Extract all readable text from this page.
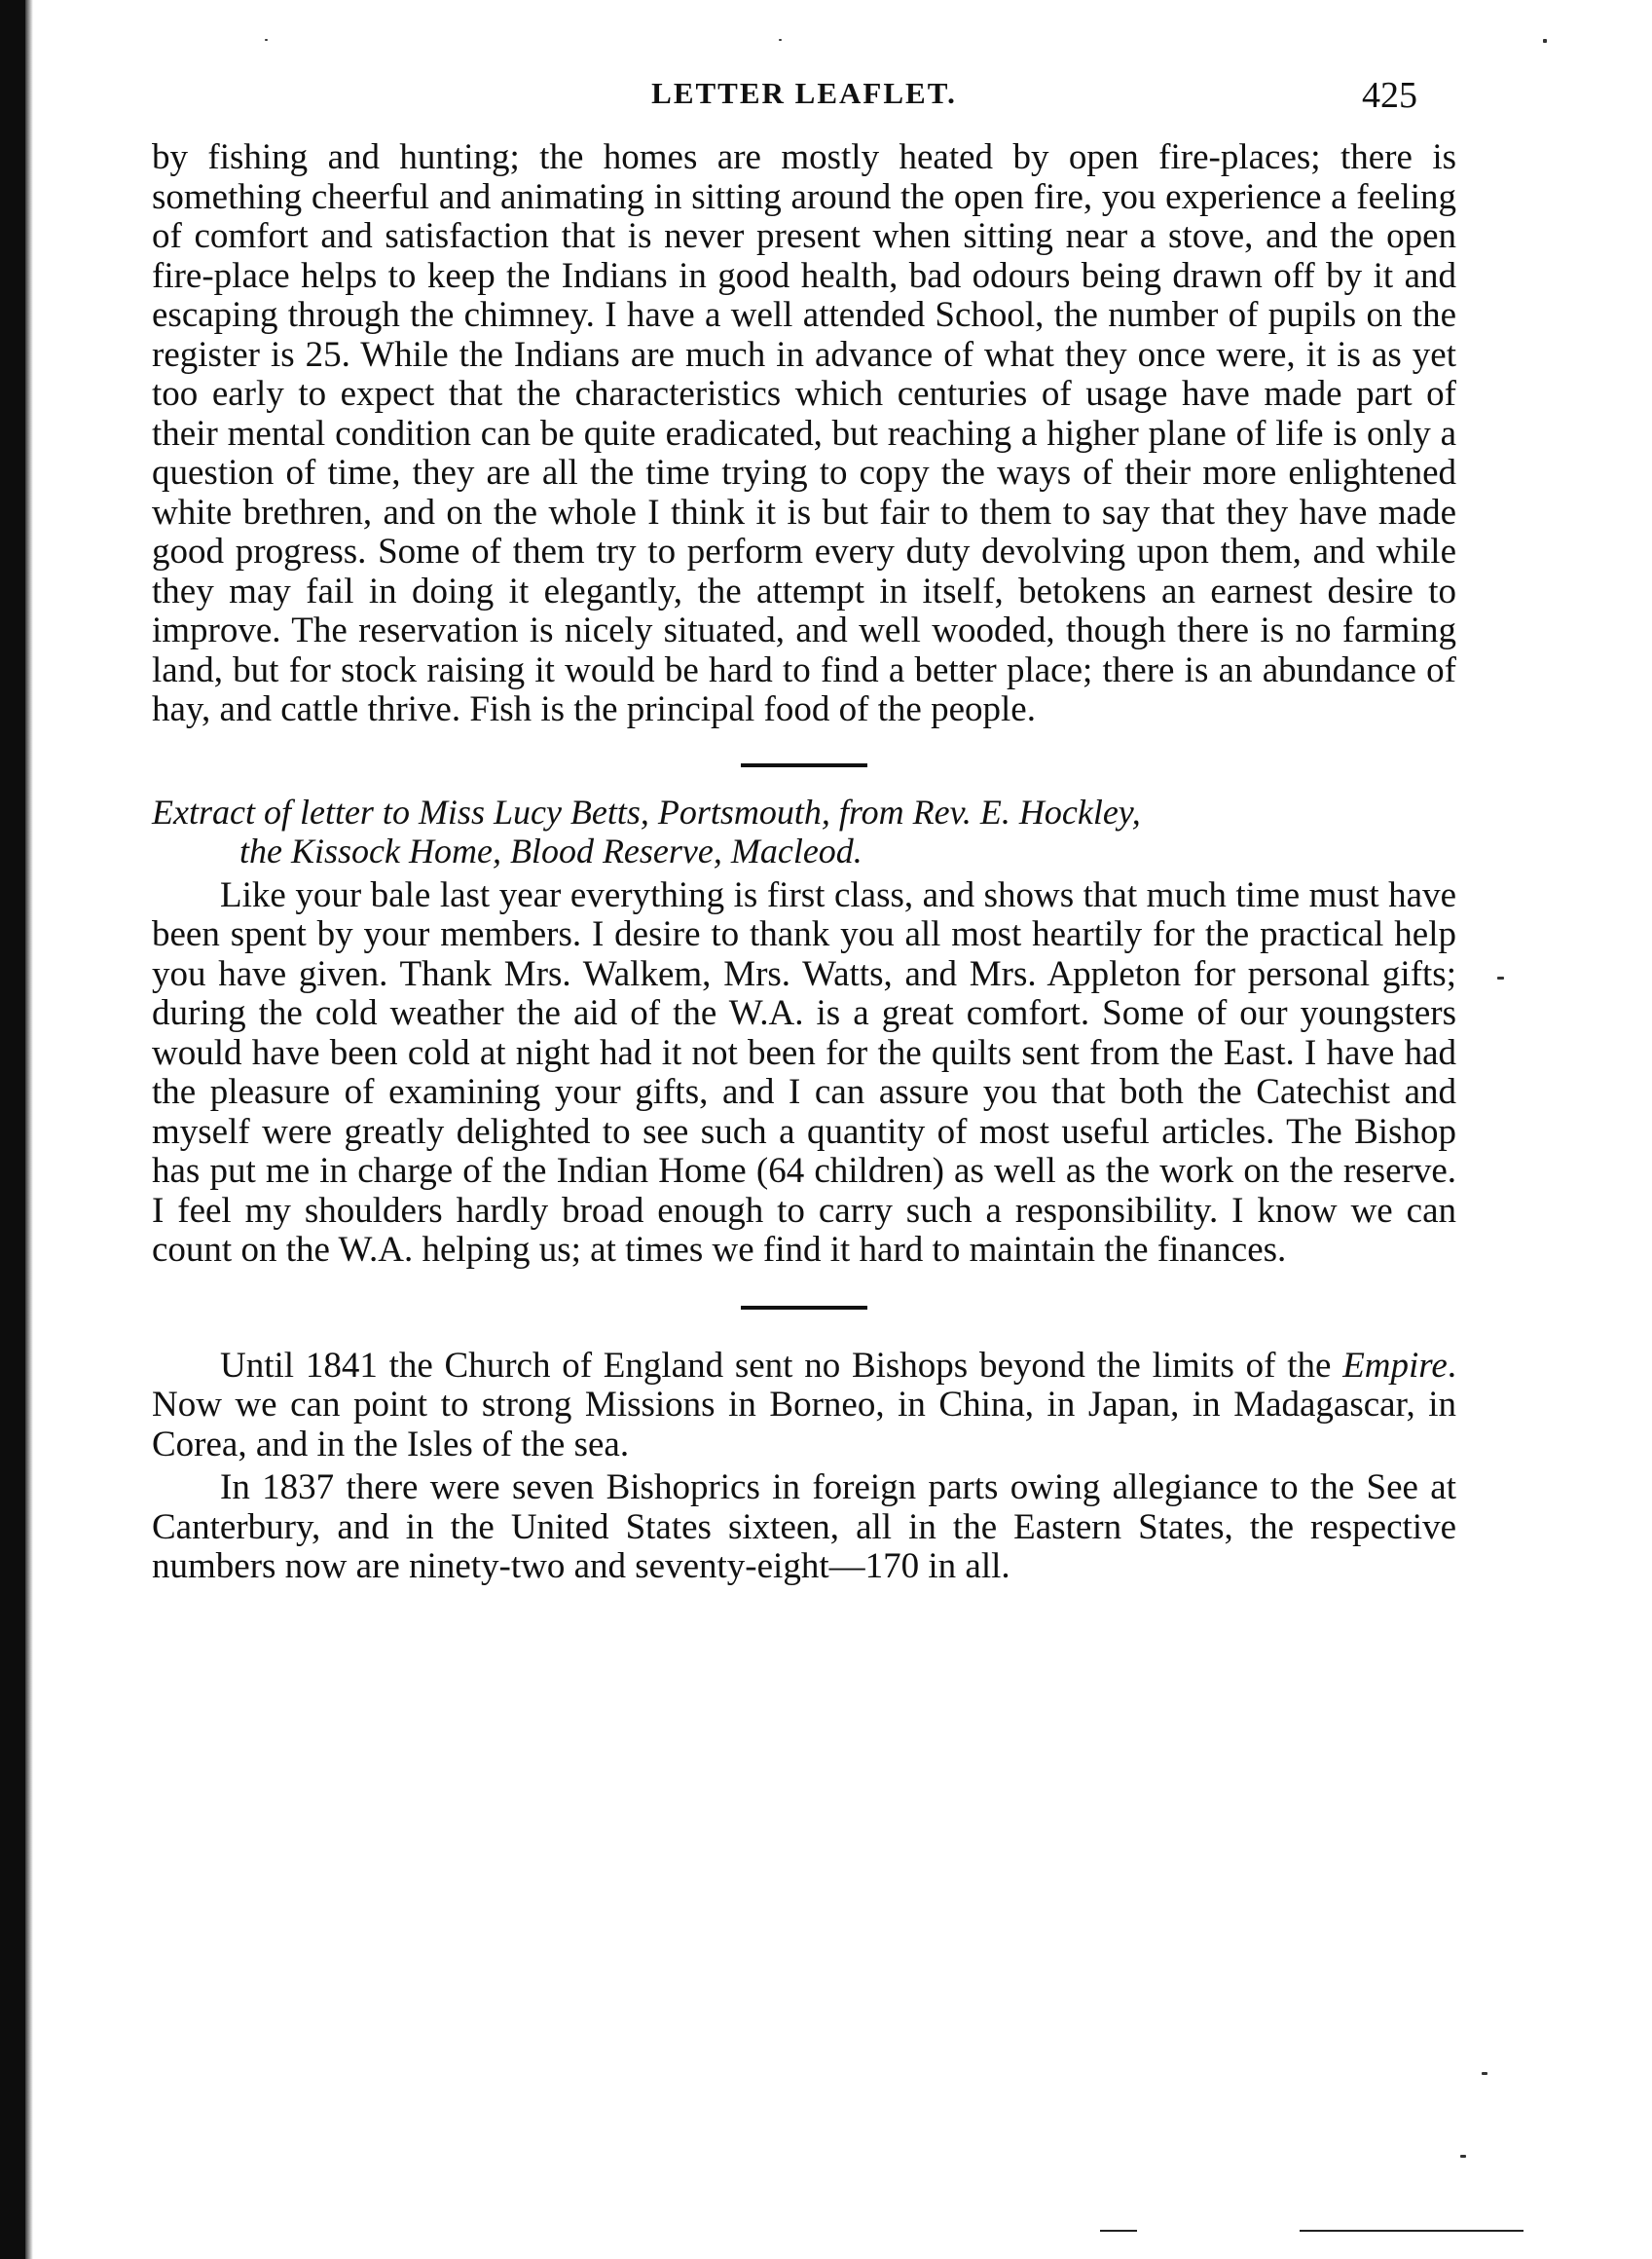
LETTER LEAFLET.	425

by fishing and hunting; the homes are mostly heated by open fire-places; there is something cheerful and animating in sitting around the open fire, you experience a feeling of comfort and satisfaction that is never present when sitting near a stove, and the open fire-place helps to keep the Indians in good health, bad odours being drawn off by it and escaping through the chimney. I have a well attended School, the number of pupils on the register is 25. While the Indians are much in advance of what they once were, it is as yet too early to expect that the characteristics which centuries of usage have made part of their mental condition can be quite eradicated, but reaching a higher plane of life is only a question of time, they are all the time trying to copy the ways of their more enlightened white brethren, and on the whole I think it is but fair to them to say that they have made good progress. Some of them try to perform every duty devolving upon them, and while they may fail in doing it elegantly, the attempt in itself, betokens an earnest desire to improve. The reservation is nicely situated, and well wooded, though there is no farming land, but for stock raising it would be hard to find a better place; there is an abundance of hay, and cattle thrive. Fish is the principal food of the people.

Extract of letter to Miss Lucy Betts, Portsmouth, from Rev. E. Hockley,
the Kissock Home, Blood Reserve, Macleod.

Like your bale last year everything is first class, and shows that much time must have been spent by your members. I desire to thank you all most heartily for the practical help you have given. Thank Mrs. Walkem, Mrs. Watts, and Mrs. Appleton for personal gifts; during the cold weather the aid of the W.A. is a great comfort. Some of our youngsters would have been cold at night had it not been for the quilts sent from the East. I have had the pleasure of examining your gifts, and I can assure you that both the Catechist and myself were greatly delighted to see such a quantity of most useful articles. The Bishop has put me in charge of the Indian Home (64 children) as well as the work on the reserve. I feel my shoulders hardly broad enough to carry such a responsibility. I know we can count on the W.A. helping us; at times we find it hard to maintain the finances.

Until 1841 the Church of England sent no Bishops beyond the limits of the Empire. Now we can point to strong Missions in Borneo, in China, in Japan, in Madagascar, in Corea, and in the Isles of the sea.

In 1837 there were seven Bishoprics in foreign parts owing allegiance to the See at Canterbury, and in the United States sixteen, all in the Eastern States, the respective numbers now are ninety-two and seventy-eight—170 in all.
